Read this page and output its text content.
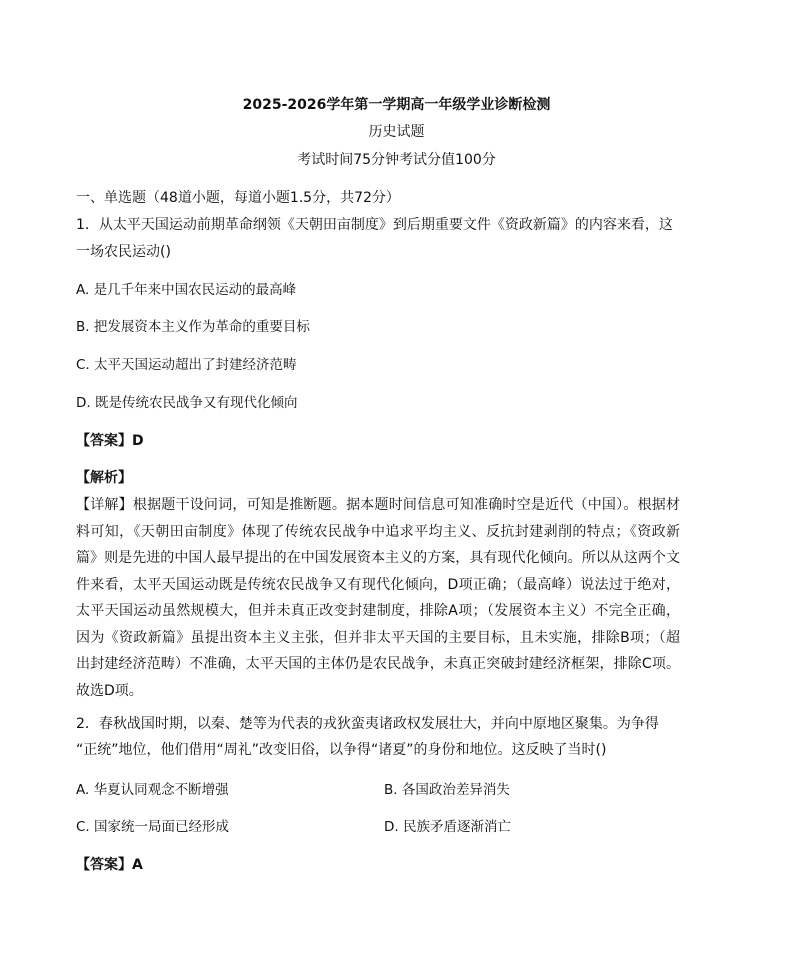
2025-2026学年第一学期高一年级学业诊断检测
历史试题
考试时间75分钟考试分值100分
一、单选题（48道小题，每道小题1.5分，共72分）
1．从太平天国运动前期革命纲领《天朝田亩制度》到后期重要文件《资政新篇》的内容来看，这
一场农民运动()
A. 是几千年来中国农民运动的最高峰
B. 把发展资本主义作为革命的重要目标
C. 太平天国运动超出了封建经济范畴
D. 既是传统农民战争又有现代化倾向
【答案】D
【解析】
【详解】根据题干设问词，可知是推断题。据本题时间信息可知准确时空是近代（中国）。根据材料可知，《天朝田亩制度》体现了传统农民战争中追求平均主义、反抗封建剥削的特点；《资政新篇》则是先进的中国人最早提出的在中国发展资本主义的方案，具有现代化倾向。所以从这两个文件来看，太平天国运动既是传统农民战争又有现代化倾向，D项正确；（最高峰）说法过于绝对，太平天国运动虽然规模大，但并未真正改变封建制度，排除A项；（发展资本主义）不完全正确，因为《资政新篇》虽提出资本主义主张，但并非太平天国的主要目标，且未实施，排除B项；（超出封建经济范畴）不准确，太平天国的主体仍是农民战争，未真正突破封建经济框架，排除C项。故选D项。
2．春秋战国时期，以秦、楚等为代表的戎狄蛮夷诸政权发展壮大，并向中原地区聚集。为争得
“正统”地位，他们借用“周礼”改变旧俗，以争得“诸夏”的身份和地位。这反映了当时()
A. 华夏认同观念不断增强	B. 各国政治差异消失
C. 国家统一局面已经形成	D. 民族矛盾逐渐消亡
【答案】A
